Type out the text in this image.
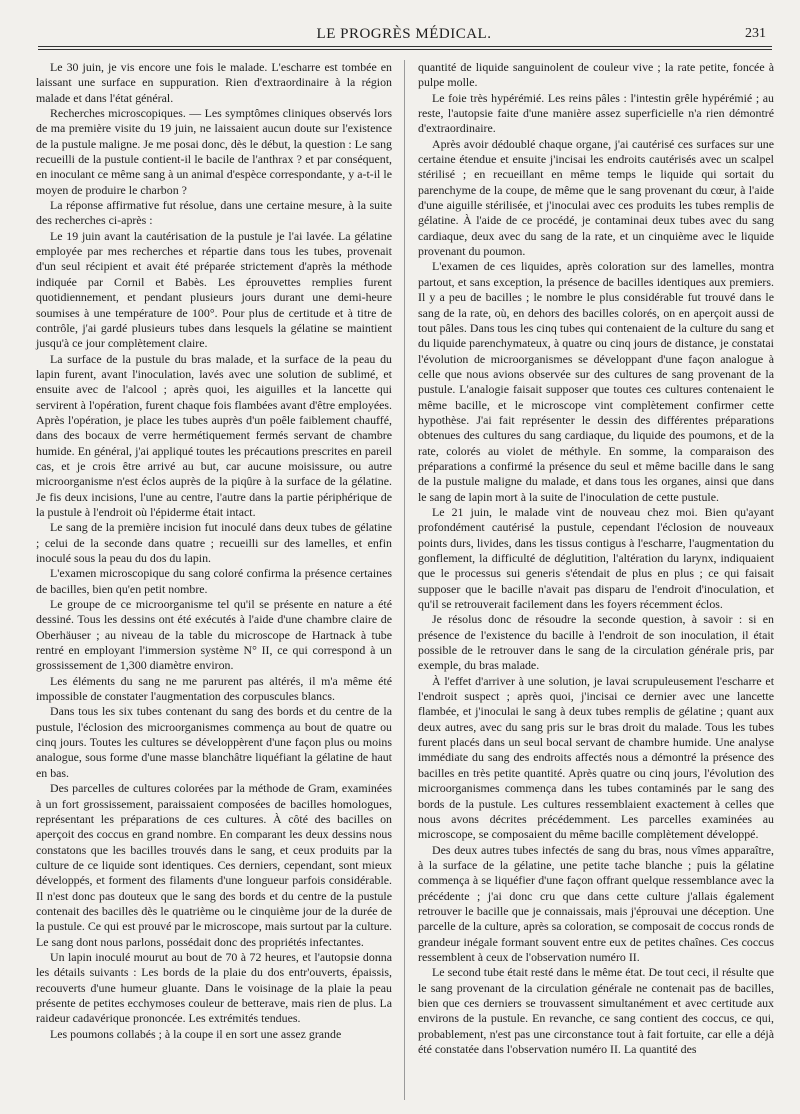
LE PROGRÈS MÉDICAL.	231

Le 30 juin, je vis encore une fois le malade. L'escharre est tombée en laissant une surface en suppuration. Rien d'extraordinaire à la région malade et dans l'état général.

Recherches microscopiques. — Les symptômes cliniques observés lors de ma première visite du 19 juin, ne laissaient aucun doute sur l'existence de la pustule maligne. Je me posai donc, dès le début, la question : Le sang recueilli de la pustule contient-il le bacile de l'anthrax ? et par conséquent, en inoculant ce même sang à un animal d'espèce correspondante, y a-t-il le moyen de produire le charbon ?

La réponse affirmative fut résolue, dans une certaine mesure, à la suite des recherches ci-après :

Le 19 juin avant la cautérisation de la pustule je l'ai lavée. La gélatine employée par mes recherches et répartie dans tous les tubes, provenait d'un seul récipient et avait été préparée strictement d'après la méthode indiquée par Cornil et Babès. Les éprouvettes remplies furent quotidiennement, et pendant plusieurs jours durant une demi-heure soumises à une température de 100°. Pour plus de certitude et à titre de contrôle, j'ai gardé plusieurs tubes dans lesquels la gélatine se maintient jusqu'à ce jour complètement claire.

La surface de la pustule du bras malade, et la surface de la peau du lapin furent, avant l'inoculation, lavés avec une solution de sublimé, et ensuite avec de l'alcool ; après quoi, les aiguilles et la lancette qui servirent à l'opération, furent chaque fois flambées avant d'être employées. Après l'opération, je place les tubes auprès d'un poêle faiblement chauffé, dans des bocaux de verre hermétiquement fermés servant de chambre humide. En général, j'ai appliqué toutes les précautions prescrites en pareil cas, et je crois être arrivé au but, car aucune moisissure, ou autre microorganisme n'est éclos auprès de la piqûre à la surface de la gélatine. Je fis deux incisions, l'une au centre, l'autre dans la partie périphérique de la pustule à l'endroit où l'épiderme était intact.

Le sang de la première incision fut inoculé dans deux tubes de gélatine ; celui de la seconde dans quatre ; recueilli sur des lamelles, et enfin inoculé sous la peau du dos du lapin.

L'examen microscopique du sang coloré confirma la présence certaines de bacilles, bien qu'en petit nombre.

Le groupe de ce microorganisme tel qu'il se présente en nature a été dessiné. Tous les dessins ont été exécutés à l'aide d'une chambre claire de Oberhäuser ; au niveau de la table du microscope de Hartnack à tube rentré en employant l'immersion système N° II, ce qui correspond à un grossissement de 1,300 diamètre environ.

Les éléments du sang ne me parurent pas altérés, il m'a même été impossible de constater l'augmentation des corpuscules blancs.

Dans tous les six tubes contenant du sang des bords et du centre de la pustule, l'éclosion des microorganismes commença au bout de quatre ou cinq jours. Toutes les cultures se développèrent d'une façon plus ou moins analogue, sous forme d'une masse blanchâtre liquéfiant la gélatine de haut en bas.

Des parcelles de cultures colorées par la méthode de Gram, examinées à un fort grossissement, paraissaient composées de bacilles homologues, représentant les préparations de ces cultures. À côté des bacilles on aperçoit des coccus en grand nombre. En comparant les deux dessins nous constatons que les bacilles trouvés dans le sang, et ceux produits par la culture de ce liquide sont identiques. Ces derniers, cependant, sont mieux développés, et forment des filaments d'une longueur parfois considérable. Il n'est donc pas douteux que le sang des bords et du centre de la pustule contenait des bacilles dès le quatrième ou le cinquième jour de la durée de la pustule. Ce qui est prouvé par le microscope, mais surtout par la culture. Le sang dont nous parlons, possédait donc des propriétés infectantes.

Un lapin inoculé mourut au bout de 70 à 72 heures, et l'autopsie donna les détails suivants : Les bords de la plaie du dos entr'ouverts, épaissis, recouverts d'une humeur gluante. Dans le voisinage de la plaie la peau présente de petites ecchymoses couleur de betterave, mais rien de plus. La raideur cadavérique prononcée. Les extrémités tendues.

Les poumons collabés ; à la coupe il en sort une assez grande

quantité de liquide sanguinolent de couleur vive ; la rate petite, foncée à pulpe molle.

Le foie très hypérémié. Les reins pâles : l'intestin grêle hypérémié ; au reste, l'autopsie faite d'une manière assez superficielle n'a rien démontré d'extraordinaire.

Après avoir dédoublé chaque organe, j'ai cautérisé ces surfaces sur une certaine étendue et ensuite j'incisai les endroits cautérisés avec un scalpel stérilisé ; en recueillant en même temps le liquide qui sortait du parenchyme de la coupe, de même que le sang provenant du cœur, à l'aide d'une aiguille stérilisée, et j'inoculai avec ces produits les tubes remplis de gélatine. À l'aide de ce procédé, je contaminai deux tubes avec du sang cardiaque, deux avec du sang de la rate, et un cinquième avec le liquide provenant du poumon.

L'examen de ces liquides, après coloration sur des lamelles, montra partout, et sans exception, la présence de bacilles identiques aux premiers. Il y a peu de bacilles ; le nombre le plus considérable fut trouvé dans le sang de la rate, où, en dehors des bacilles colorés, on en aperçoit aussi de tout pâles. Dans tous les cinq tubes qui contenaient de la culture du sang et du liquide parenchymateux, à quatre ou cinq jours de distance, je constatai l'évolution de microorganismes se développant d'une façon analogue à celle que nous avions observée sur des cultures de sang provenant de la pustule. L'analogie faisait supposer que toutes ces cultures contenaient le même bacille, et le microscope vint complètement confirmer cette hypothèse. J'ai fait représenter le dessin des différentes préparations obtenues des cultures du sang cardiaque, du liquide des poumons, et de la rate, colorés au violet de méthyle. En somme, la comparaison des préparations a confirmé la présence du seul et même bacille dans le sang de la pustule maligne du malade, et dans tous les organes, ainsi que dans le sang de lapin mort à la suite de l'inoculation de cette pustule.

Le 21 juin, le malade vint de nouveau chez moi. Bien qu'ayant profondément cautérisé la pustule, cependant l'éclosion de nouveaux points durs, livides, dans les tissus contigus à l'escharre, l'augmentation du gonflement, la difficulté de déglutition, l'altération du larynx, indiquaient que le processus sui generis s'étendait de plus en plus ; ce qui faisait supposer que le bacille n'avait pas disparu de l'endroit d'inoculation, et qu'il se retrouverait facilement dans les foyers récemment éclos.

Je résolus donc de résoudre la seconde question, à savoir : si en présence de l'existence du bacille à l'endroit de son inoculation, il était possible de le retrouver dans le sang de la circulation générale pris, par exemple, du bras malade.

À l'effet d'arriver à une solution, je lavai scrupuleusement l'escharre et l'endroit suspect ; après quoi, j'incisai ce dernier avec une lancette flambée, et j'inoculai le sang à deux tubes remplis de gélatine ; quant aux deux autres, avec du sang pris sur le bras droit du malade. Tous les tubes furent placés dans un seul bocal servant de chambre humide. Une analyse immédiate du sang des endroits affectés nous a démontré la présence des bacilles en très petite quantité. Après quatre ou cinq jours, l'évolution des microorganismes commença dans les tubes contaminés par le sang des bords de la pustule. Les cultures ressemblaient exactement à celles que nous avons décrites précédemment. Les parcelles examinées au microscope, se composaient du même bacille complètement développé.

Des deux autres tubes infectés de sang du bras, nous vîmes apparaître, à la surface de la gélatine, une petite tache blanche ; puis la gélatine commença à se liquéfier d'une façon offrant quelque ressemblance avec la précédente ; j'ai donc cru que dans cette culture j'allais également retrouver le bacille que je connaissais, mais j'éprouvai une déception. Une parcelle de la culture, après sa coloration, se composait de coccus ronds de grandeur inégale formant souvent entre eux de petites chaînes. Ces coccus ressemblent à ceux de l'observation numéro II.

Le second tube était resté dans le même état. De tout ceci, il résulte que le sang provenant de la circulation générale ne contenait pas de bacilles, bien que ces derniers se trouvassent simultanément et avec certitude aux environs de la pustule. En revanche, ce sang contient des coccus, ce qui, probablement, n'est pas une circonstance tout à fait fortuite, car elle a déjà été constatée dans l'observation numéro II. La quantité des
